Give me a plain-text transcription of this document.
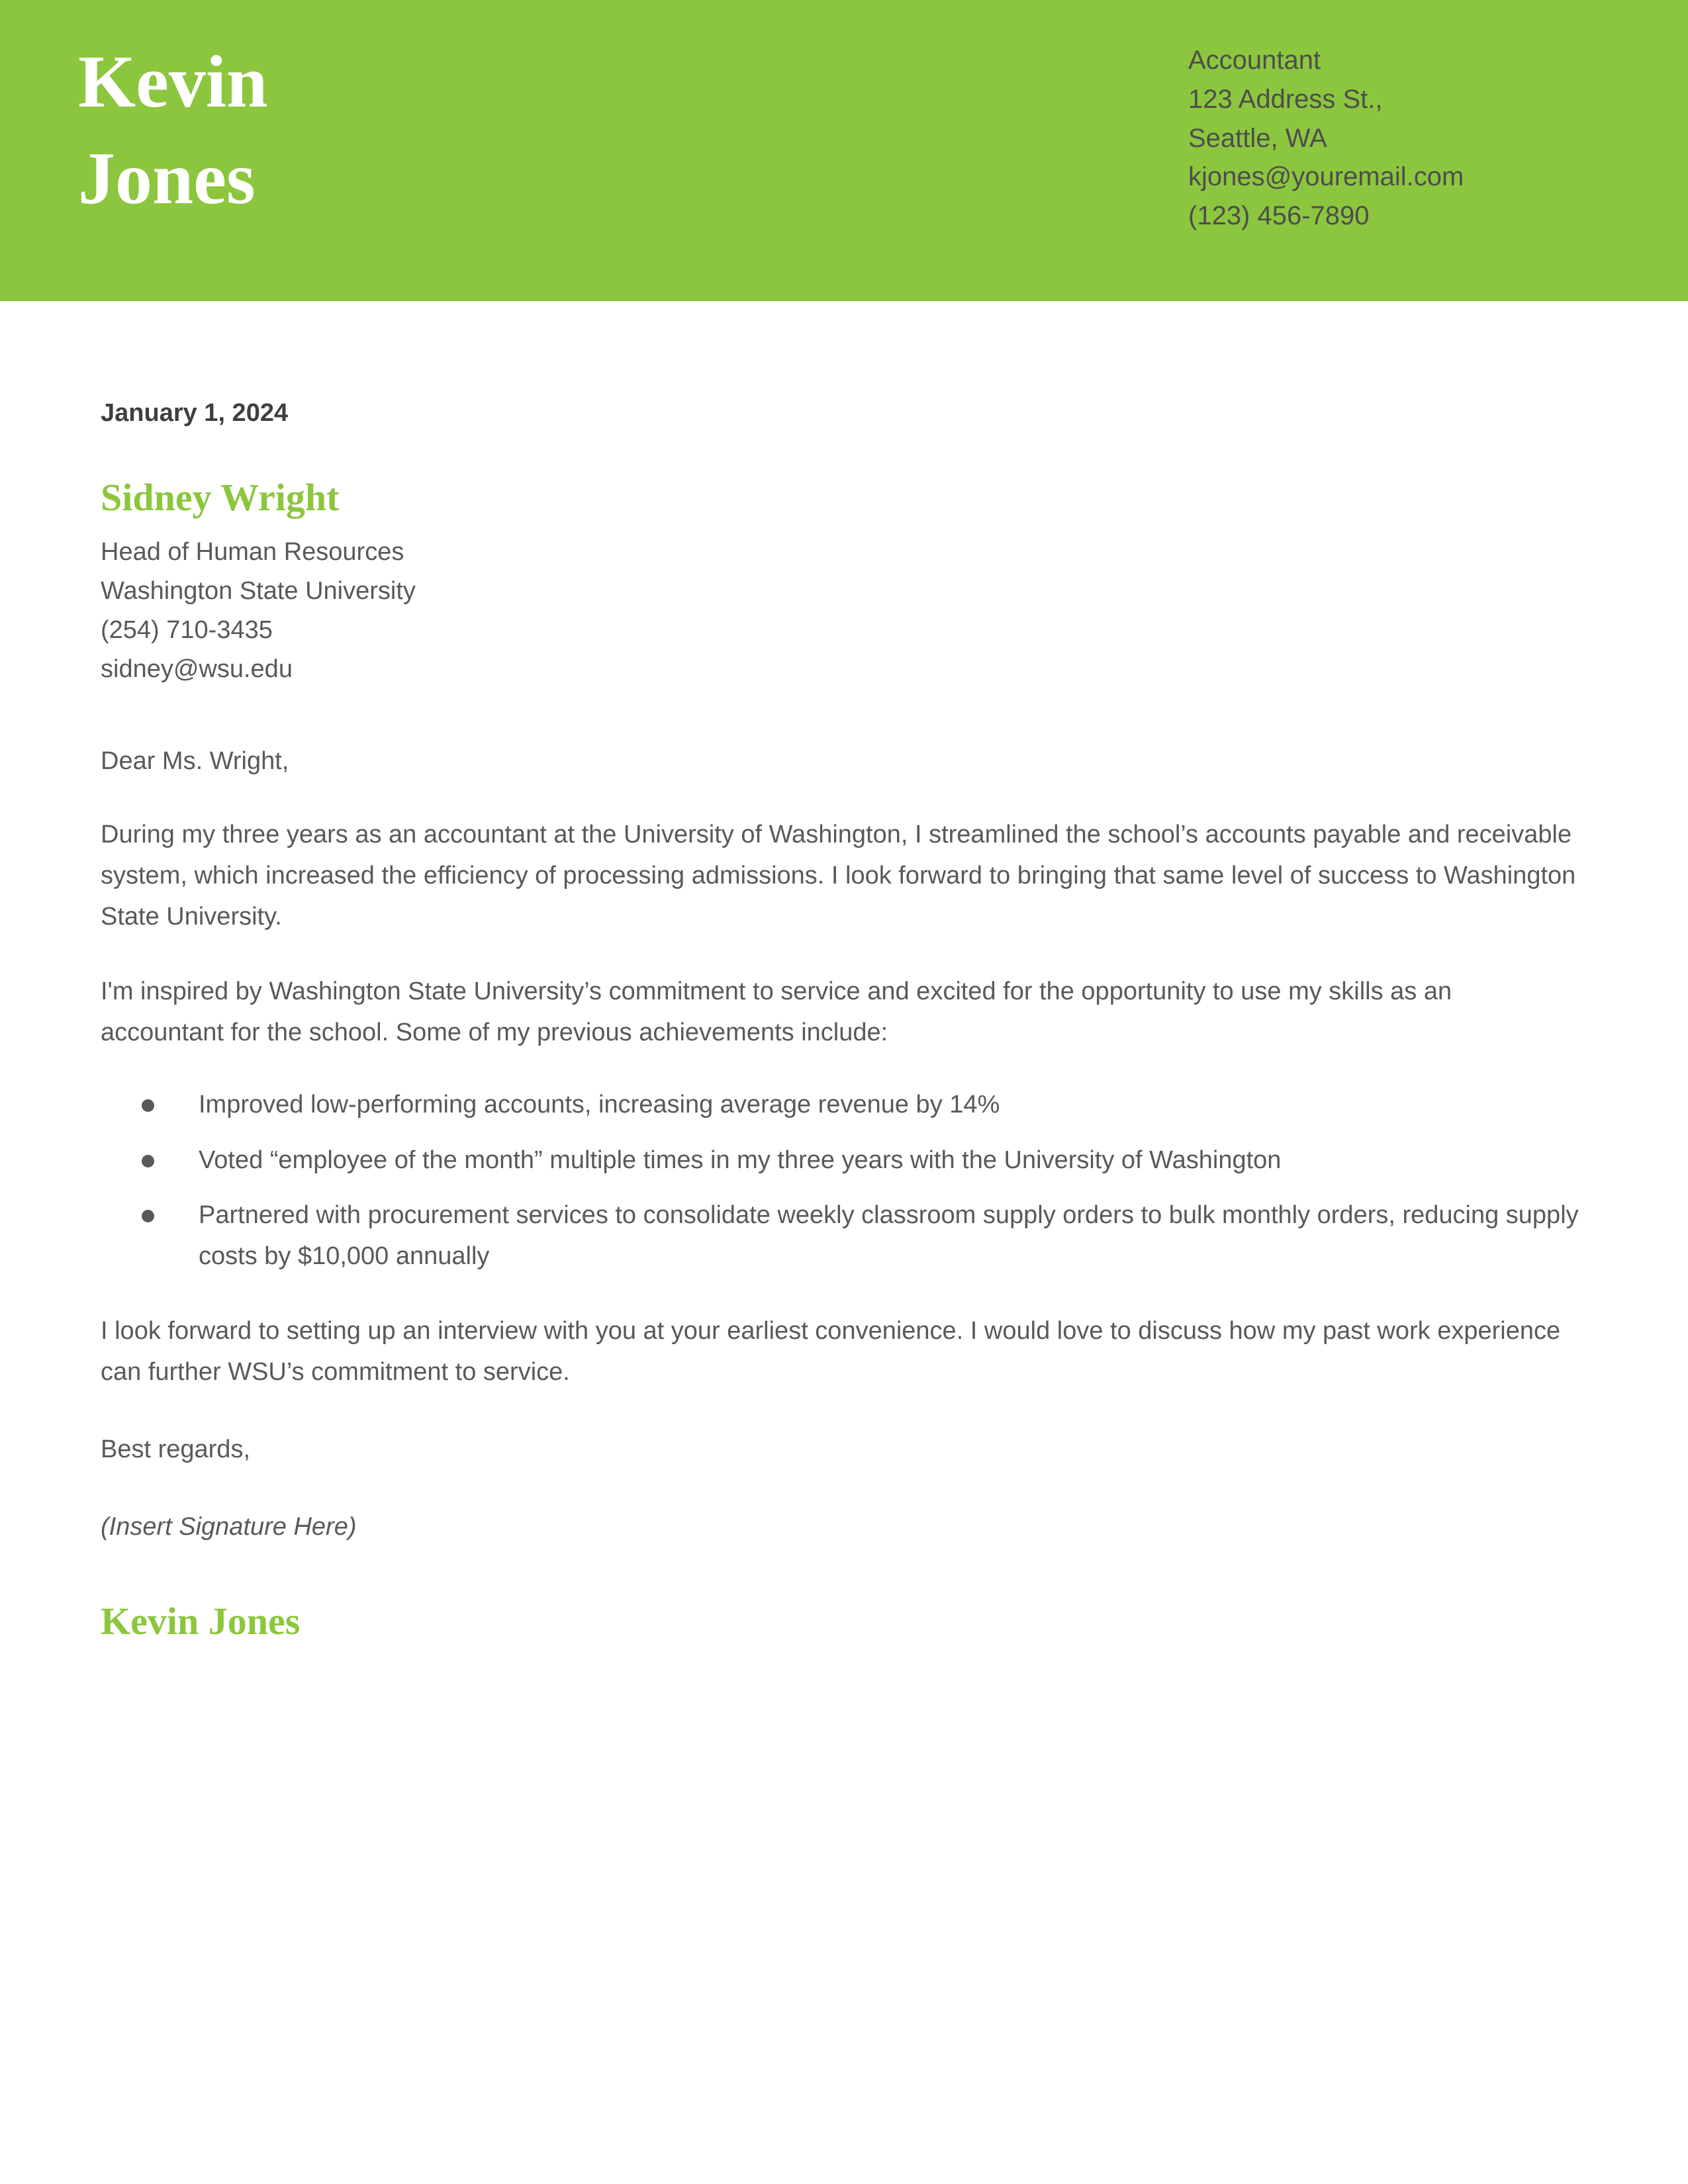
Kevin
Jones
Accountant
123 Address St.,
Seattle, WA
kjones@youremail.com
(123) 456-7890
January 1, 2024
Sidney Wright
Head of Human Resources
Washington State University
(254) 710-3435
sidney@wsu.edu
Dear Ms. Wright,

During my three years as an accountant at the University of Washington, I streamlined the school’s accounts payable and receivable system, which increased the efficiency of processing admissions. I look forward to bringing that same level of success to Washington State University.

I'm inspired by Washington State University’s commitment to service and excited for the opportunity to use my skills as an accountant for the school. Some of my previous achievements include:

Improved low-performing accounts, increasing average revenue by 14%
Voted “employee of the month” multiple times in my three years with the University of Washington
Partnered with procurement services to consolidate weekly classroom supply orders to bulk monthly orders, reducing supply costs by $10,000 annually

I look forward to setting up an interview with you at your earliest convenience. I would love to discuss how my past work experience can further WSU’s commitment to service.

Best regards,
(Insert Signature Here)
Kevin Jones
